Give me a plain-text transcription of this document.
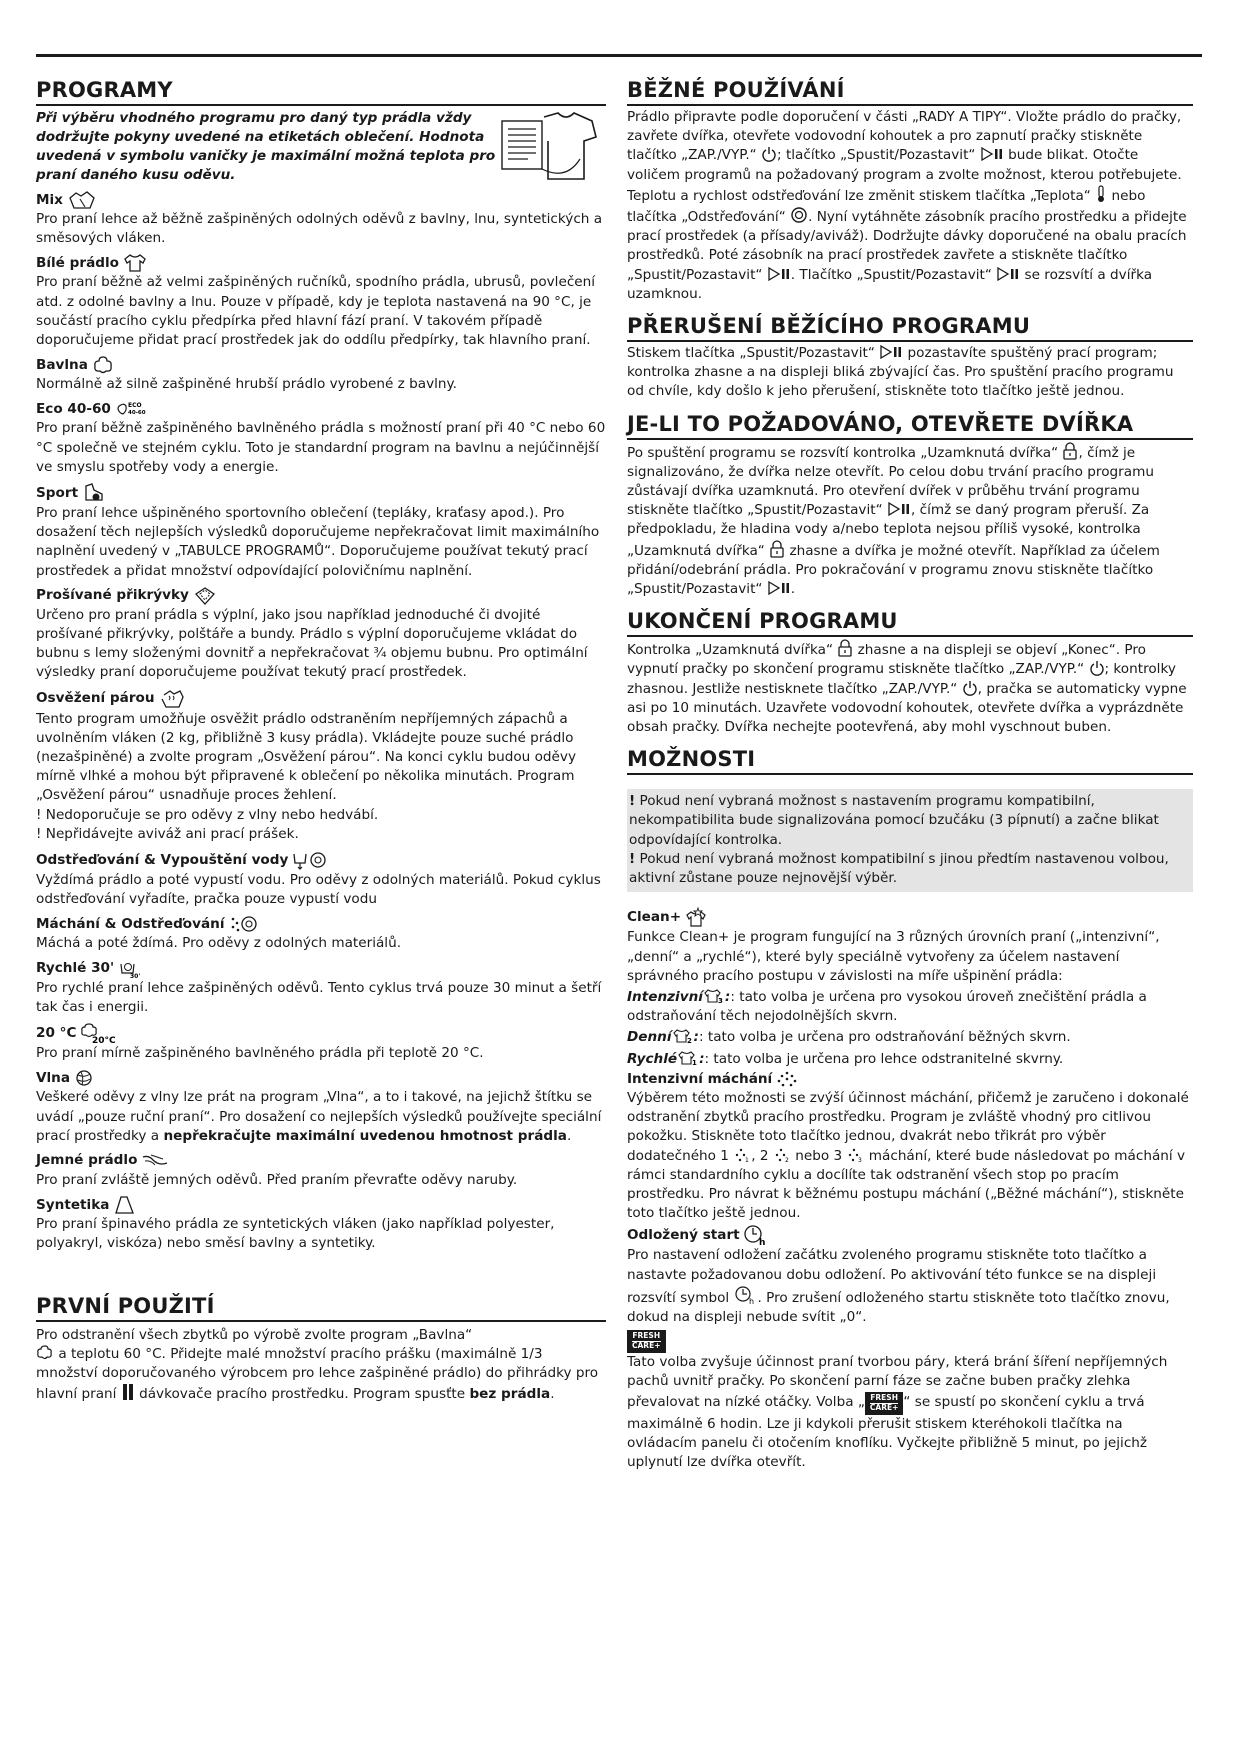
PROGRAMY

Při výběru vhodného programu pro daný typ prádla vždy dodržujte pokyny uvedené na etiketách oblečení. Hodnota uvedená v symbolu vaničky je maximální možná teplota pro praní daného kusu oděvu.

Mix

Pro praní lehce až běžně zašpiněných odolných oděvů z bavlny, lnu, syntetických a směsových vláken.

Bílé prádlo

Pro praní běžně až velmi zašpiněných ručníků, spodního prádla, ubrusů, povlečení atd. z odolné bavlny a lnu. Pouze v případě, kdy je teplota nastavená na 90 °C, je součástí pracího cyklu předpírka před hlavní fází praní. V takovém případě doporučujeme přidat prací prostředek jak do oddílu předpírky, tak hlavního praní.

Bavlna

Normálně až silně zašpiněné hrubší prádlo vyrobené z bavlny.

Eco 40-60	ECO
40-60

Pro praní běžně zašpiněného bavlněného prádla s možností praní při 40 °C nebo 60 °C společně ve stejném cyklu. Toto je standardní program na bavlnu a nejúčinnější ve smyslu spotřeby vody a energie.

Sport

Pro praní lehce ušpiněného sportovního oblečení (tepláky, kraťasy apod.). Pro dosažení těch nejlepších výsledků doporučujeme nepřekračovat limit maximálního naplnění uvedený v „TABULCE PROGRAMŮ“. Doporučujeme používat tekutý prací prostředek a přidat množství odpovídající polovičnímu naplnění.

Prošívané přikrývky

Určeno pro praní prádla s výplní, jako jsou například jednoduché či dvojité prošívané přikrývky, polštáře a bundy. Prádlo s výplní doporučujeme vkládat do bubnu s lemy složenými dovnitř a nepřekračovat ¾ objemu bubnu. Pro optimální výsledky praní doporučujeme používat tekutý prací prostředek.

Osvěžení párou

Tento program umožňuje osvěžit prádlo odstraněním nepříjemných zápachů a uvolněním vláken (2 kg, přibližně 3 kusy prádla). Vkládejte pouze suché prádlo (nezašpiněné) a zvolte program „Osvěžení párou“. Na konci cyklu budou oděvy mírně vlhké a mohou být připravené k oblečení po několika minutách. Program „Osvěžení párou“ usnadňuje proces žehlení.

! Nedoporučuje se pro oděvy z vlny nebo hedvábí.

! Nepřidávejte aviváž ani prací prášek.

Odstřeďování & Vypouštění vody

Vyždímá prádlo a poté vypustí vodu. Pro oděvy z odolných materiálů. Pokud cyklus odstřeďování vyřadíte, pračka pouze vypustí vodu

Máchání & Odstřeďování

Máchá a poté ždímá. Pro oděvy z odolných materiálů.

Rychlé 30'	30'

Pro rychlé praní lehce zašpiněných oděvů. Tento cyklus trvá pouze 30 minut a šetří tak čas i energii.

20 °C
20°C

Pro praní mírně zašpiněného bavlněného prádla při teplotě 20 °C.

Vlna

Veškeré oděvy z vlny lze prát na program „Vlna“, a to i takové, na jejichž štítku se uvádí „pouze ruční praní“. Pro dosažení co nejlepších výsledků používejte speciální prací prostředky a nepřekračujte maximální uvedenou hmotnost prádla.

Jemné prádlo

Pro praní zvláště jemných oděvů. Před praním převraťte oděvy naruby.

Syntetika

Pro praní špinavého prádla ze syntetických vláken (jako například polyester, polyakryl, viskóza) nebo směsí bavlny a syntetiky.

PRVNÍ POUŽITÍ

Pro odstranění všech zbytků po výrobě zvolte program „Bavlna“
a teplotu 60 °C. Přidejte malé množství pracího prášku (maximálně 1/3 množství doporučovaného výrobcem pro lehce zašpiněné prádlo) do přihrádky pro hlavní praní  dávkovače pracího prostředku. Program spusťte bez prádla.

BĚŽNÉ POUŽÍVÁNÍ

Prádlo připravte podle doporučení v části „RADY A TIPY“. Vložte prádlo do pračky, zavřete dvířka, otevřete vodovodní kohoutek a pro zapnutí pračky stiskněte tlačítko „ZAP./VYP.“ ; tlačítko „Spustit/Pozastavit“  bude blikat. Otočte voličem programů na požadovaný program a zvolte možnost, kterou potřebujete. Teplotu a rychlost odstřeďování lze změnit stiskem tlačítka „Teplota“  nebo tlačítka „Odstřeďování“ . Nyní vytáhněte zásobník pracího prostředku a přidejte prací prostředek (a přísady/aviváž). Dodržujte dávky doporučené na obalu pracích prostředků. Poté zásobník na prací prostředek zavřete a stiskněte tlačítko „Spustit/Pozastavit“ . Tlačítko „Spustit/Pozastavit“  se rozsvítí a dvířka uzamknou.

PŘERUŠENÍ BĚŽÍCÍHO PROGRAMU

Stiskem tlačítka „Spustit/Pozastavit“  pozastavíte spuštěný prací program; kontrolka zhasne a na displeji bliká zbývající čas. Pro spuštění pracího programu od chvíle, kdy došlo k jeho přerušení, stiskněte toto tlačítko ještě jednou.

JE-LI TO POŽADOVÁNO, OTEVŘETE DVÍŘKA

Po spuštění programu se rozsvítí kontrolka „Uzamknutá dvířka“ , čímž je signalizováno, že dvířka nelze otevřít. Po celou dobu trvání pracího programu zůstávají dvířka uzamknutá. Pro otevření dvířek v průběhu trvání programu stiskněte tlačítko „Spustit/Pozastavit“ , čímž se daný program přeruší. Za předpokladu, že hladina vody a/nebo teplota nejsou příliš vysoké, kontrolka „Uzamknutá dvířka“  zhasne a dvířka je možné otevřít. Například za účelem přidání/odebrání prádla. Pro pokračování v programu znovu stiskněte tlačítko „Spustit/Pozastavit“ .

UKONČENÍ PROGRAMU

Kontrolka „Uzamknutá dvířka“  zhasne a na displeji se objeví „Konec“. Pro vypnutí pračky po skončení programu stiskněte tlačítko „ZAP./VYP.“ ; kontrolky zhasnou. Jestliže nestisknete tlačítko „ZAP./VYP.“ , pračka se automaticky vypne asi po 10 minutách. Uzavřete vodovodní kohoutek, otevřete dvířka a vyprázdněte obsah pračky. Dvířka nechejte pootevřená, aby mohl vyschnout buben.

MOŽNOSTI

! Pokud není vybraná možnost s nastavením programu kompatibilní, nekompatibilita bude signalizována pomocí bzučáku (3 pípnutí) a začne blikat odpovídající kontrolka.

! Pokud není vybraná možnost kompatibilní s jinou předtím nastavenou volbou, aktivní zůstane pouze nejnovější výběr.

Clean+

Funkce Clean+ je program fungující na 3 různých úrovních praní („intenzivní“, „denní“ a „rychlé“), které byly speciálně vytvořeny za účelem nastavení správného pracího postupu v závislosti na míře ušpinění prádla:

Intenzivní 3 :: tato volba je určena pro vysokou úroveň znečištění prádla a odstraňování těch nejodolnějších skvrn.

Denní 2 :: tato volba je určena pro odstraňování běžných skvrn.

Rychlé 1 :: tato volba je určena pro lehce odstranitelné skvrny.

Intenzivní máchání

Výběrem této možnosti se zvýší účinnost máchání, přičemž je zaručeno i dokonalé odstranění zbytků pracího prostředku. Program je zvláště vhodný pro citlivou pokožku. Stiskněte toto tlačítko jednou, dvakrát nebo třikrát pro výběr dodatečného 1 1 , 2 2 nebo 3 3 máchání, které bude následovat po máchání v rámci standardního cyklu a docílíte tak odstranění všech stop po pracím prostředku. Pro návrat k běžnému postupu máchání („Běžné máchání“), stiskněte toto tlačítko ještě jednou.

Odložený start
h

Pro nastavení odložení začátku zvoleného programu stiskněte toto tlačítko a nastavte požadovanou dobu odložení. Po aktivování této funkce se na displeji rozsvítí symbol h . Pro zrušení odloženého startu stiskněte toto tlačítko znovu, dokud na displeji nebude svítit „0“.

FRESH
CARE+

Tato volba zvyšuje účinnost praní tvorbou páry, která brání šíření nepříjemných pachů uvnitř pračky. Po skončení parní fáze se začne buben pračky zlehka převalovat na nízké otáčky. Volba „ FRESH
CARE+ “ se spustí po skončení cyklu a trvá maximálně 6 hodin. Lze ji kdykoli přerušit stiskem kteréhokoli tlačítka na ovládacím panelu či otočením knoflíku. Vyčkejte přibližně 5 minut, po jejichž uplynutí lze dvířka otevřít.
